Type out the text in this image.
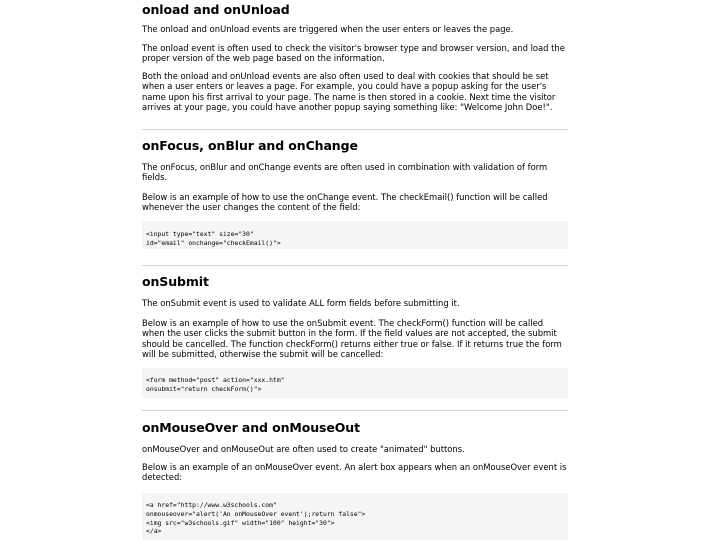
onload and onUnload

The onload and onUnload events are triggered when the user enters or leaves the page.

The onload event is often used to check the visitor's browser type and browser version, and load the proper version of the web page based on the information.

Both the onload and onUnload events are also often used to deal with cookies that should be set when a user enters or leaves a page. For example, you could have a popup asking for the user's name upon his first arrival to your page. The name is then stored in a cookie. Next time the visitor arrives at your page, you could have another popup saying something like: "Welcome John Doe!".

onFocus, onBlur and onChange

The onFocus, onBlur and onChange events are often used in combination with validation of form fields.

Below is an example of how to use the onChange event. The checkEmail() function will be called whenever the user changes the content of the field:

<input type="text" size="30"
id="email" onchange="checkEmail()">
onSubmit

The onSubmit event is used to validate ALL form fields before submitting it.

Below is an example of how to use the onSubmit event. The checkForm() function will be called when the user clicks the submit button in the form. If the field values are not accepted, the submit should be cancelled. The function checkForm() returns either true or false. If it returns true the form will be submitted, otherwise the submit will be cancelled:

<form method="post" action="xxx.htm"
onsubmit="return checkForm()">
onMouseOver and onMouseOut

onMouseOver and onMouseOut are often used to create "animated" buttons.

Below is an example of an onMouseOver event. An alert box appears when an onMouseOver event is detected:

<a href="http://www.w3schools.com"
onmouseover="alert('An onMouseOver event');return false">
<img src="w3schools.gif" width="100" height="30">
</a>
